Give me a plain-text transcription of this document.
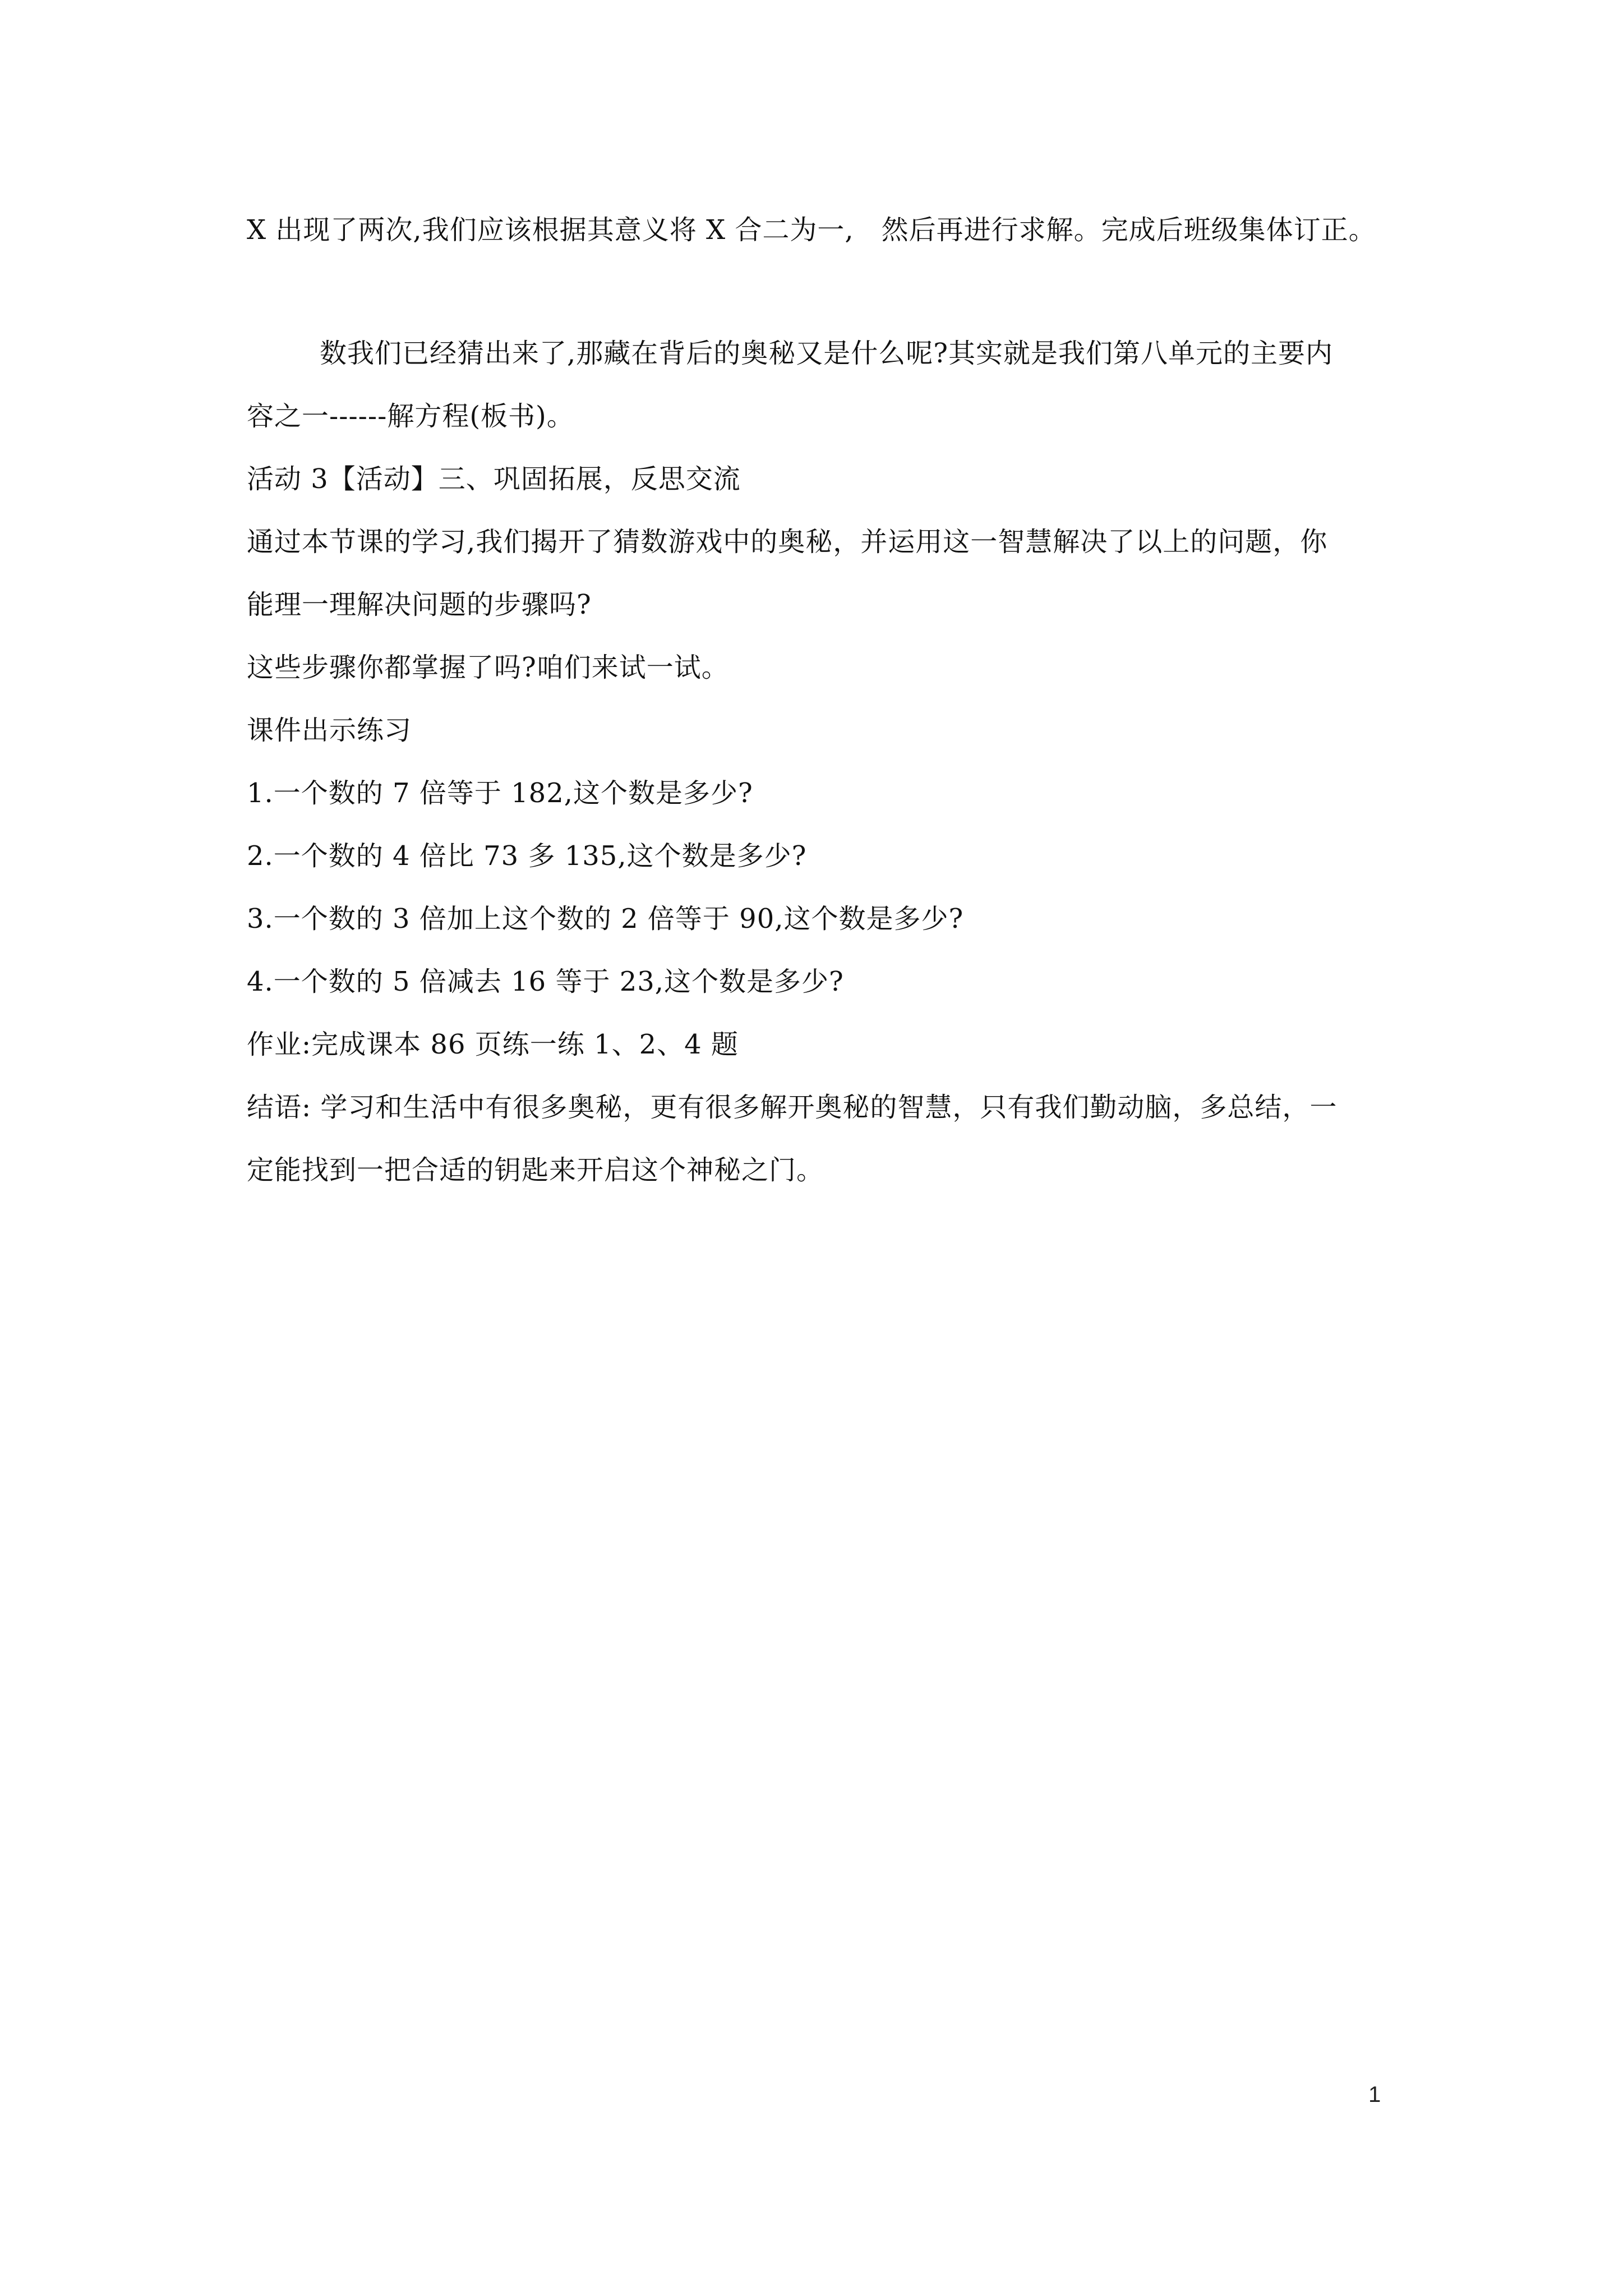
X 出现了两次,我们应该根据其意义将 X 合二为一,　然后再进行求解。完成后班级集体订正。
数我们已经猜出来了,那藏在背后的奥秘又是什么呢?其实就是我们第八单元的主要内
容之一------解方程(板书)。
活动 3【活动】三、巩固拓展，反思交流
通过本节课的学习,我们揭开了猜数游戏中的奥秘，并运用这一智慧解决了以上的问题，你
能理一理解决问题的步骤吗?
这些步骤你都掌握了吗?咱们来试一试。
课件出示练习
1.一个数的 7 倍等于 182,这个数是多少?
2.一个数的 4 倍比 73 多 135,这个数是多少?
3.一个数的 3 倍加上这个数的 2 倍等于 90,这个数是多少?
4.一个数的 5 倍减去 16 等于 23,这个数是多少?
作业:完成课本 86 页练一练 1、2、4 题
结语: 学习和生活中有很多奥秘，更有很多解开奥秘的智慧，只有我们勤动脑，多总结，一
定能找到一把合适的钥匙来开启这个神秘之门。
1
